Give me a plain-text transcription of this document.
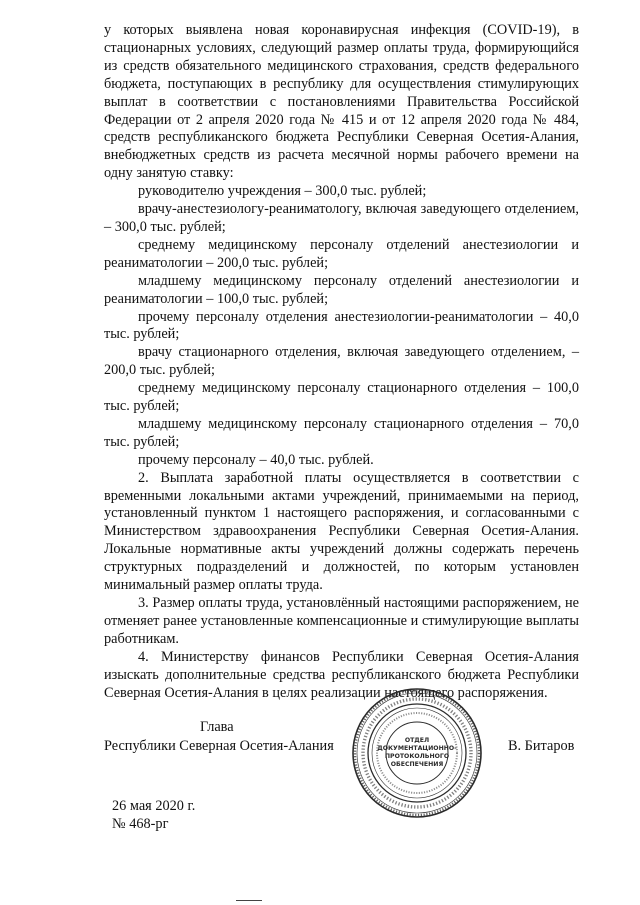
у которых выявлена новая коронавирусная инфекция (COVID-19), в стационарных условиях, следующий размер оплаты труда, формирующийся из средств обязательного медицинского страхования, средств федерального бюджета, поступающих в республику для осуществления стимулирующих выплат в соответствии с постановлениями Правительства Российской Федерации от 2 апреля 2020 года № 415 и от 12 апреля 2020 года № 484, средств республиканского бюджета Республики Северная Осетия-Алания, внебюджетных средств из расчета месячной нормы рабочего времени на одну занятую ставку:

руководителю учреждения – 300,0 тыс. рублей;

врачу-анестезиологу-реаниматологу, включая заведующего отделением, – 300,0 тыс. рублей;

среднему медицинскому персоналу отделений анестезиологии и реаниматологии – 200,0 тыс. рублей;

младшему медицинскому персоналу отделений анестезиологии и реаниматологии – 100,0 тыс. рублей;

прочему персоналу отделения анестезиологии-реаниматологии – 40,0 тыс. рублей;

врачу стационарного отделения, включая заведующего отделением, – 200,0 тыс. рублей;

среднему медицинскому персоналу стационарного отделения – 100,0 тыс. рублей;

младшему медицинскому персоналу стационарного отделения – 70,0 тыс. рублей;

прочему персоналу – 40,0 тыс. рублей.

2. Выплата заработной платы осуществляется в соответствии с временными локальными актами учреждений, принимаемыми на период, установленный пунктом 1 настоящего распоряжения, и согласованными с Министерством здравоохранения Республики Северная Осетия-Алания. Локальные нормативные акты учреждений должны содержать перечень структурных подразделений и должностей, по которым установлен минимальный размер оплаты труда.

3. Размер оплаты труда, установлённый настоящими распоряжением, не отменяет ранее установленные компенсационные и стимулирующие выплаты работникам.

4. Министерству финансов Республики Северная Осетия-Алания изыскать дополнительные средства республиканского бюджета Республики Северная Осетия-Алания в целях реализации настоящего распоряжения.

Глава
Республики Северная Осетия-Алания	В. Битаров
ОТДЕЛ
ДОКУМЕНТАЦИОННО-
ПРОТОКОЛЬНОГО
ОБЕСПЕЧЕНИЯ
26 мая 2020 г.
№ 468-рг
